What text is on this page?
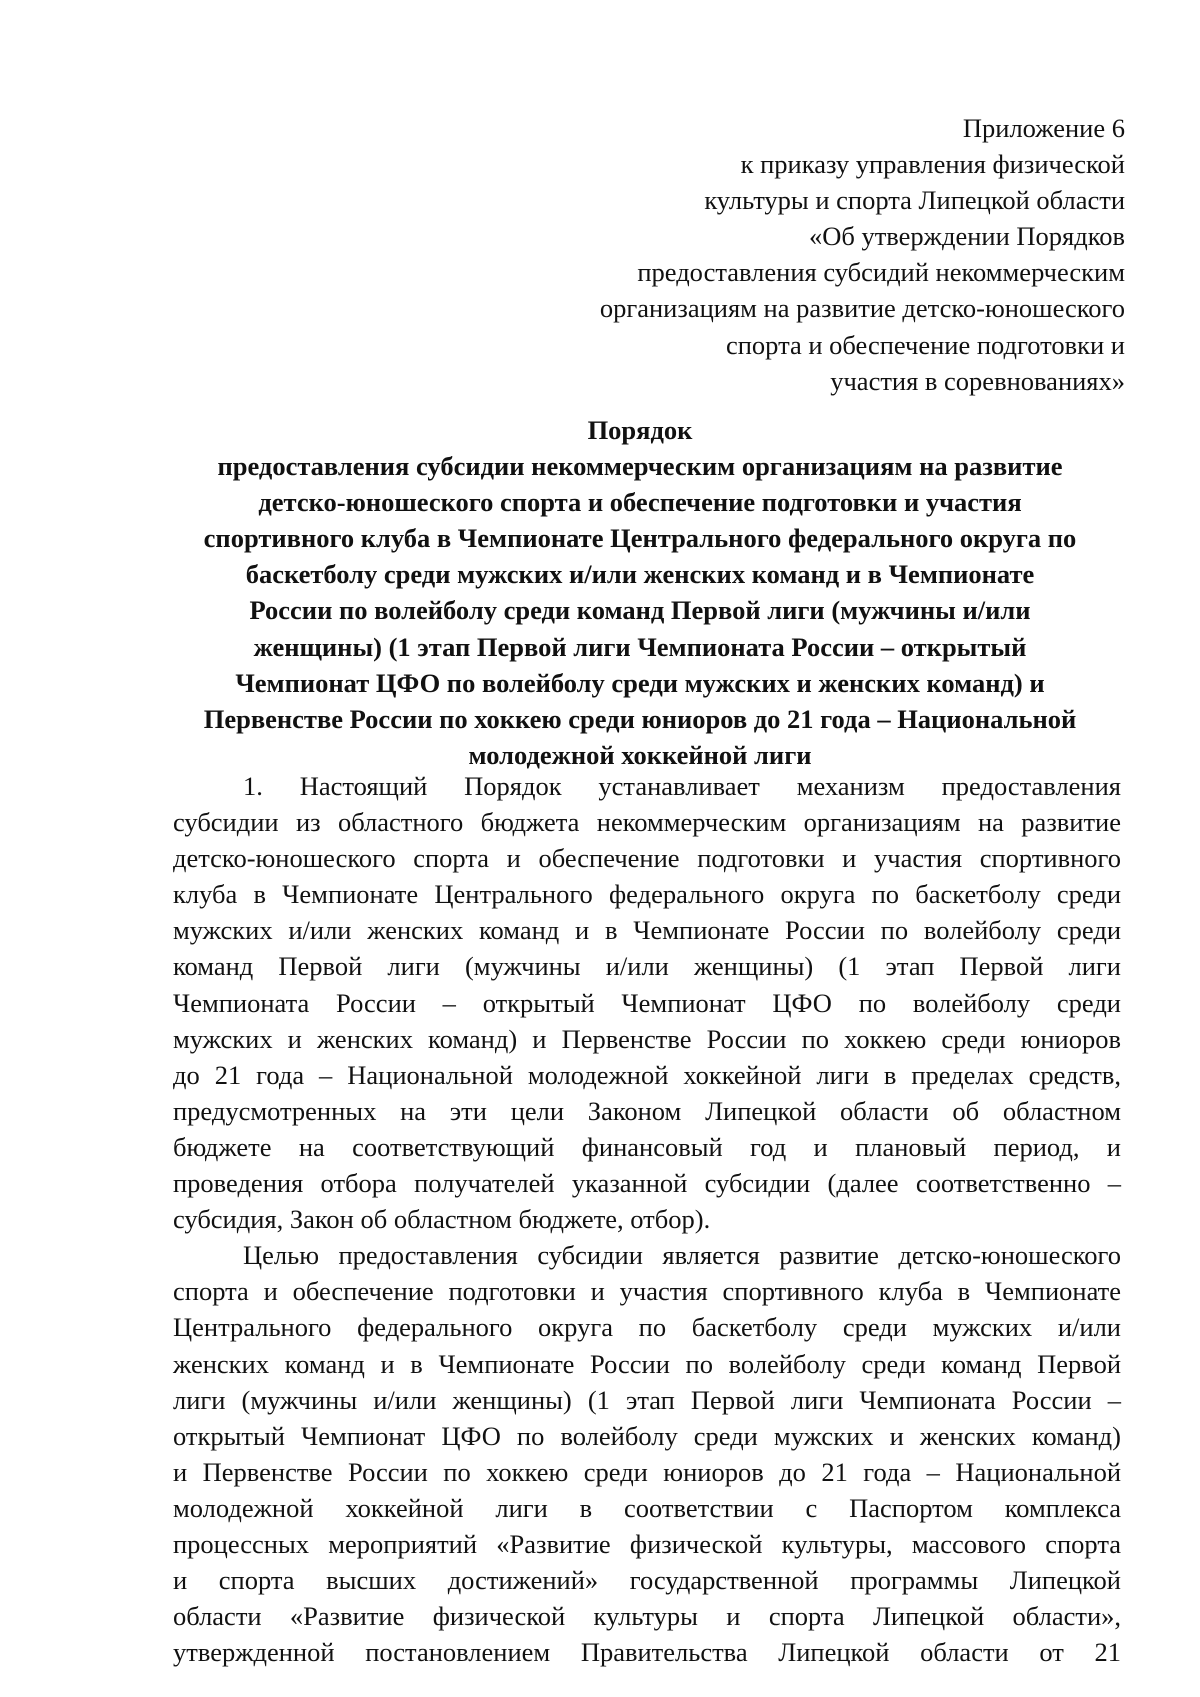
Приложение 6
к приказу управления физической
культуры и спорта Липецкой области
«Об утверждении Порядков
предоставления субсидий некоммерческим
организациям на развитие детско-юношеского
спорта и обеспечение подготовки и
участия в соревнованиях»
Порядок
предоставления субсидии некоммерческим организациям на развитие
детско-юношеского спорта и обеспечение подготовки и участия
спортивного клуба в Чемпионате Центрального федерального округа по
баскетболу среди мужских и/или женских команд и в Чемпионате
России по волейболу среди команд Первой лиги (мужчины и/или
женщины) (1 этап Первой лиги Чемпионата России – открытый
Чемпионат ЦФО по волейболу среди мужских и женских команд) и
Первенстве России по хоккею среди юниоров до 21 года – Национальной
молодежной хоккейной лиги
1. Настоящий Порядок устанавливает механизм предоставления
субсидии из областного бюджета некоммерческим организациям на развитие
детско-юношеского спорта и обеспечение подготовки и участия спортивного
клуба в Чемпионате Центрального федерального округа по баскетболу среди
мужских и/или женских команд и в Чемпионате России по волейболу среди
команд Первой лиги (мужчины и/или женщины) (1 этап Первой лиги
Чемпионата России – открытый Чемпионат ЦФО по волейболу среди
мужских и женских команд) и Первенстве России по хоккею среди юниоров
до 21 года – Национальной молодежной хоккейной лиги в пределах средств,
предусмотренных на эти цели Законом Липецкой области об областном
бюджете на соответствующий финансовый год и плановый период, и
проведения отбора получателей указанной субсидии (далее соответственно –
субсидия, Закон об областном бюджете, отбор).
Целью предоставления субсидии является развитие детско-юношеского
спорта и обеспечение подготовки и участия спортивного клуба в Чемпионате
Центрального федерального округа по баскетболу среди мужских и/или
женских команд и в Чемпионате России по волейболу среди команд Первой
лиги (мужчины и/или женщины) (1 этап Первой лиги Чемпионата России –
открытый Чемпионат ЦФО по волейболу среди мужских и женских команд)
и Первенстве России по хоккею среди юниоров до 21 года – Национальной
молодежной хоккейной лиги в соответствии с Паспортом комплекса
процессных мероприятий «Развитие физической культуры, массового спорта
и спорта высших достижений» государственной программы Липецкой
области «Развитие физической культуры и спорта Липецкой области»,
утвержденной постановлением Правительства Липецкой области от 21
